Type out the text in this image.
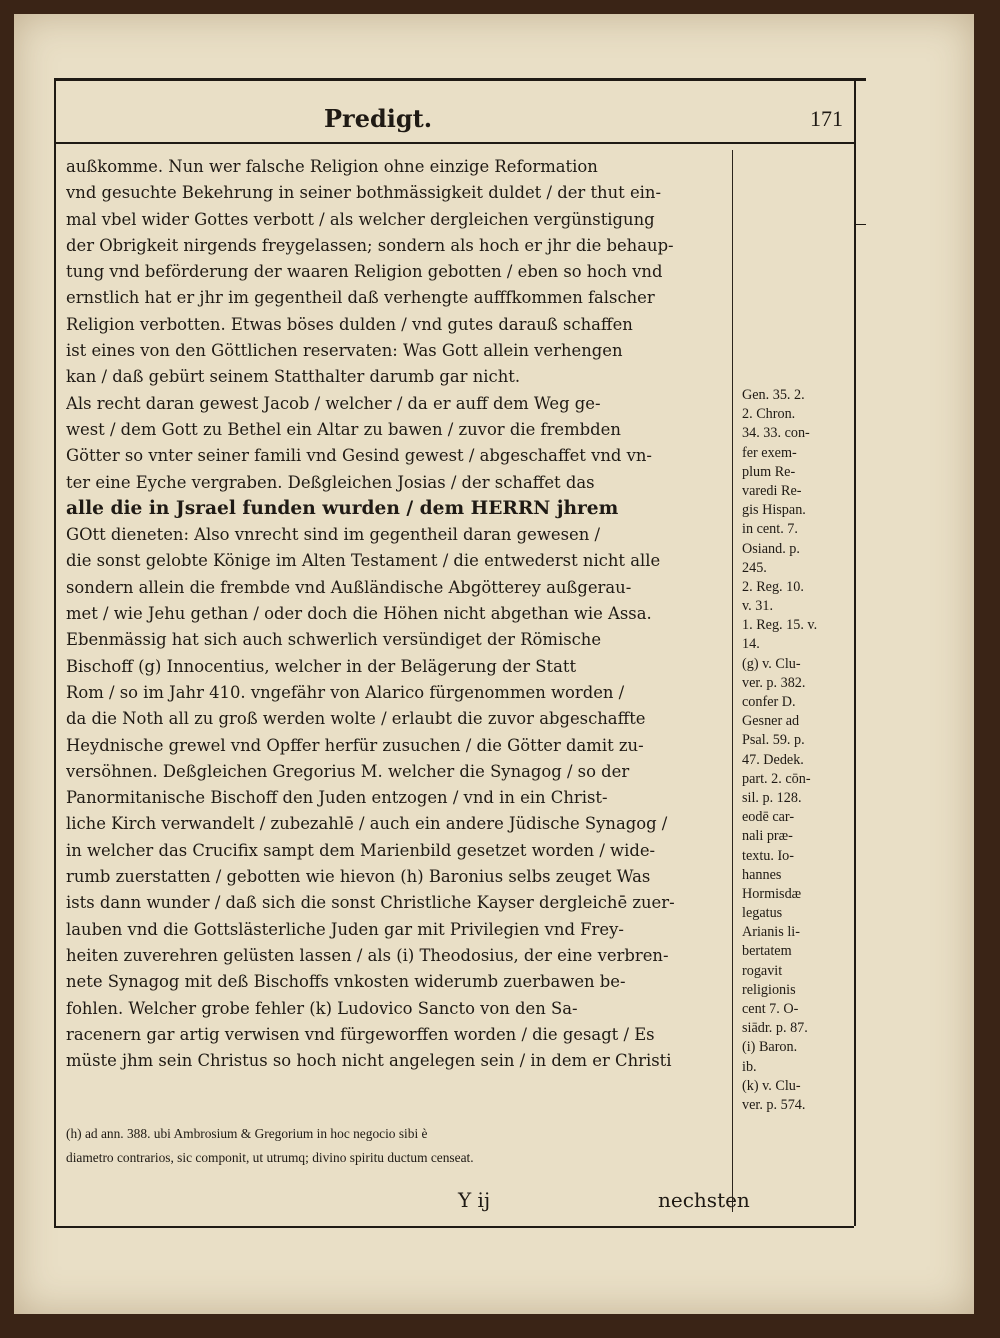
Predigt.	171
außkomme. Nun wer falsche Religion ohne einzige Reformation
vnd gesuchte Bekehrung in seiner bothmässigkeit duldet / der thut ein-
mal vbel wider Gottes verbott / als welcher dergleichen vergünstigung
der Obrigkeit nirgends freygelassen; sondern als hoch er jhr die behaup-
tung vnd beförderung der waaren Religion gebotten / eben so hoch vnd
ernstlich hat er jhr im gegentheil daß verhengte aufffkommen falscher
Religion verbotten. Etwas böses dulden / vnd gutes darauß schaffen
ist eines von den Göttlichen reservaten: Was Gott allein verhengen
kan / daß gebürt seinem Statthalter darumb gar nicht.
Als recht daran gewest Jacob / welcher / da er auff dem Weg ge-
west / dem Gott zu Bethel ein Altar zu bawen / zuvor die frembden
Götter so vnter seiner famili vnd Gesind gewest / abgeschaffet vnd vn-
ter eine Eyche vergraben. Deßgleichen Josias / der schaffet das
alle die in Jsrael funden wurden / dem HERRN jhrem
GOtt dieneten: Also vnrecht sind im gegentheil daran gewesen /
die sonst gelobte Könige im Alten Testament / die entwederst nicht alle
sondern allein die frembde vnd Außländische Abgötterey außgerau-
met / wie Jehu gethan / oder doch die Höhen nicht abgethan wie Assa.
Ebenmässig hat sich auch schwerlich versündiget der Römische
Bischoff (g) Innocentius, welcher in der Belägerung der Statt
Rom / so im Jahr 410. vngefähr von Alarico fürgenommen worden /
da die Noth all zu groß werden wolte / erlaubt die zuvor abgeschaffte
Heydnische grewel vnd Opffer herfür zusuchen / die Götter damit zu-
versöhnen. Deßgleichen Gregorius M. welcher die Synagog / so der
Panormitanische Bischoff den Juden entzogen / vnd in ein Christ-
liche Kirch verwandelt / zubezahlē / auch ein andere Jüdische Synagog /
in welcher das Crucifix sampt dem Marienbild gesetzet worden / wide-
rumb zuerstatten / gebotten wie hievon (h) Baronius selbs zeuget Was
ists dann wunder / daß sich die sonst Christliche Kayser dergleichē zuer-
lauben vnd die Gottslästerliche Juden gar mit Privilegien vnd Frey-
heiten zuverehren gelüsten lassen / als (i) Theodosius, der eine verbren-
nete Synagog mit deß Bischoffs vnkosten widerumb zuerbawen be-
fohlen. Welcher grobe fehler (k) Ludovico Sancto von den Sa-
racenern gar artig verwisen vnd fürgeworffen worden / die gesagt / Es
müste jhm sein Christus so hoch nicht angelegen sein / in dem er Christi
(h) ad ann. 388. ubi Ambrosium & Gregorium in hoc negocio sibi è
diametro contrarios, sic componit, ut utrumq; divino spiritu ductum censeat.
Gen. 35. 2.
2. Chron.
34. 33. con-
fer exem-
plum Re-
varedi Re-
gis Hispan.
in cent. 7.
Osiand. p.
245.
2. Reg. 10.
v. 31.
1. Reg. 15. v.
14.
(g) v. Clu-
ver. p. 382.
confer D.
Gesner ad
Psal. 59. p.
47. Dedek.
part. 2. cōn-
sil. p. 128.
eodē car-
nali præ-
textu. Io-
hannes
Hormisdæ
legatus
Arianis li-
bertatem
rogavit
religionis
cent 7. O-
siādr. p. 87.
(i) Baron.
ib.
(k) v. Clu-
ver. p. 574.
Y ij	nechsten
